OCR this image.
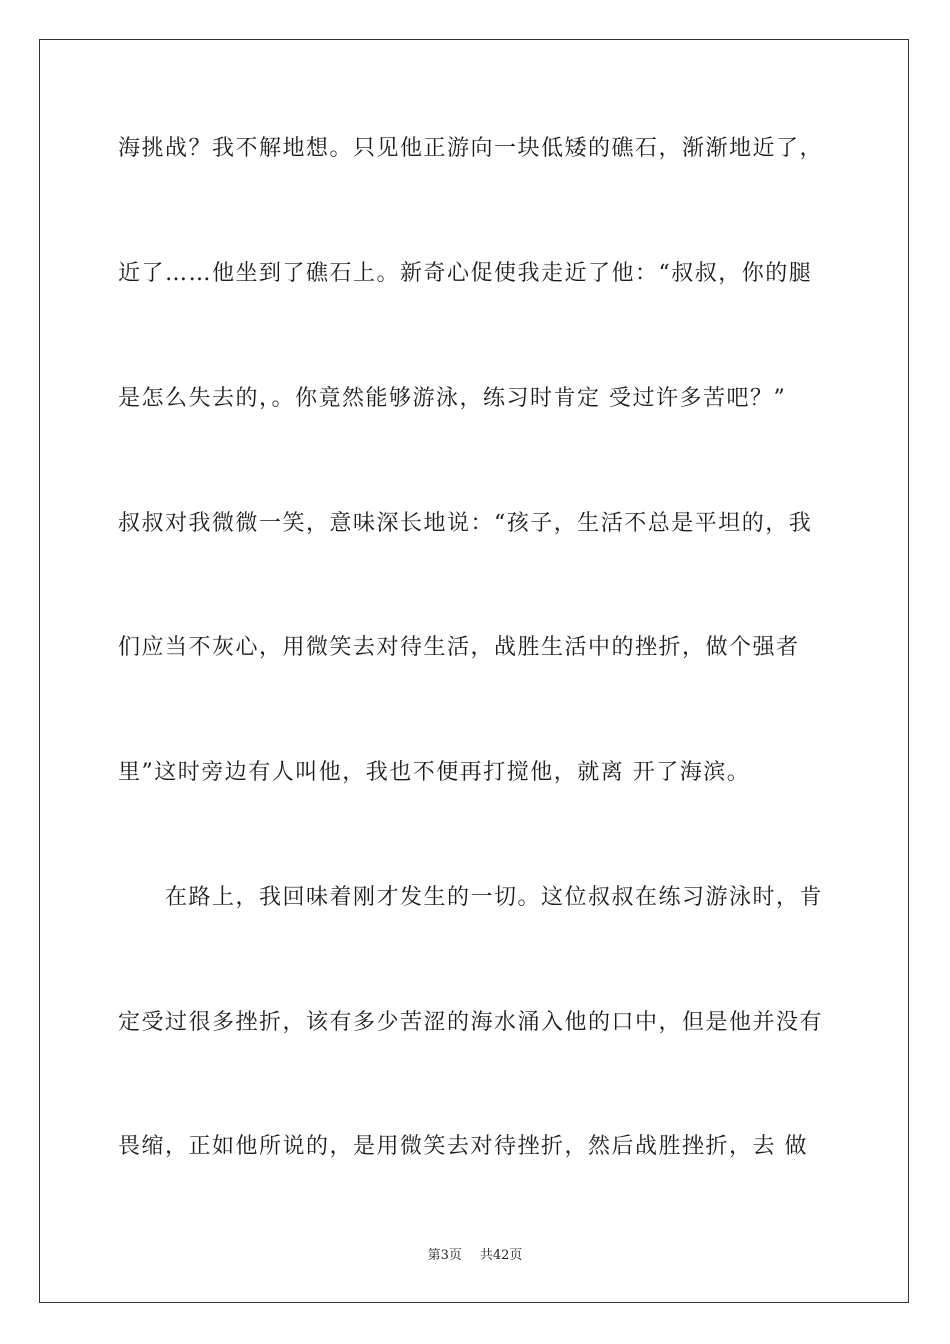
海挑战？我不解地想。只见他正游向一块低矮的礁石，渐渐地近了，
近了……他坐到了礁石上。新奇心促使我走近了他：“叔叔，你的腿
是怎么失去的，。你竟然能够游泳，练习时肯定 受过许多苦吧？”
叔叔对我微微一笑，意味深长地说：“孩子，生活不总是平坦的，我
们应当不灰心，用微笑去对待生活，战胜生活中的挫折，做个强者
里”这时旁边有人叫他，我也不便再打搅他，就离 开了海滨。
　　在路上，我回味着刚才发生的一切。这位叔叔在练习游泳时，肯
定受过很多挫折，该有多少苦涩的海水涌入他的口中，但是他并没有
畏缩，正如他所说的，是用微笑去对待挫折，然后战胜挫折，去 做
第3页 共42页
